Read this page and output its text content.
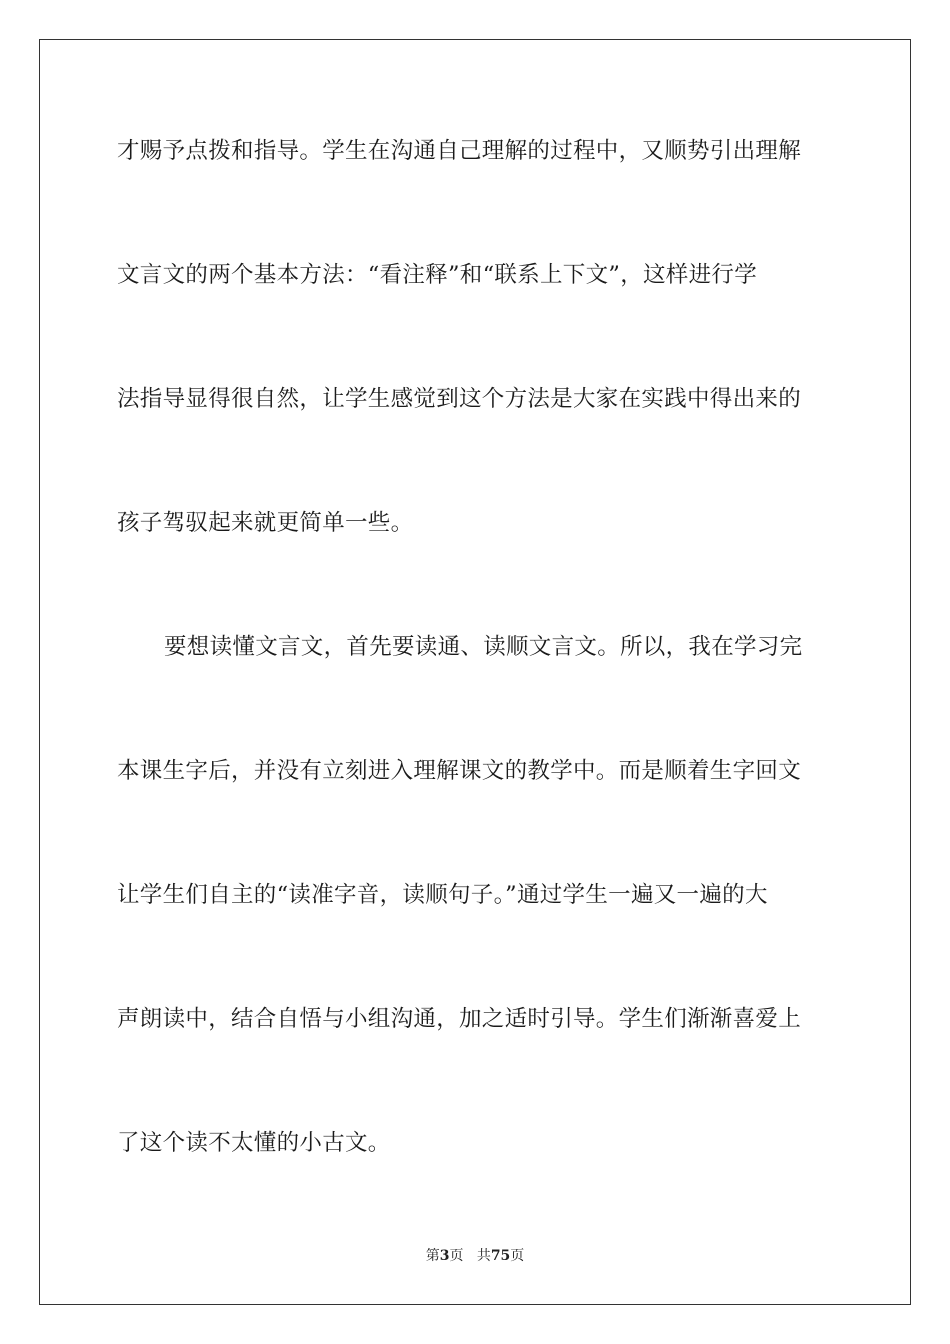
才赐予点拨和指导。学生在沟通自己理解的过程中，又顺势引出理解
文言文的两个基本方法：“看注释”和“联系上下文”，这样进行学
法指导显得很自然，让学生感觉到这个方法是大家在实践中得出来的
孩子驾驭起来就更简单一些。
要想读懂文言文，首先要读通、读顺文言文。所以，我在学习完
本课生字后，并没有立刻进入理解课文的教学中。而是顺着生字回文
让学生们自主的“读准字音，读顺句子。”通过学生一遍又一遍的大
声朗读中，结合自悟与小组沟通，加之适时引导。学生们渐渐喜爱上
了这个读不太懂的小古文。
第3页 共75页
